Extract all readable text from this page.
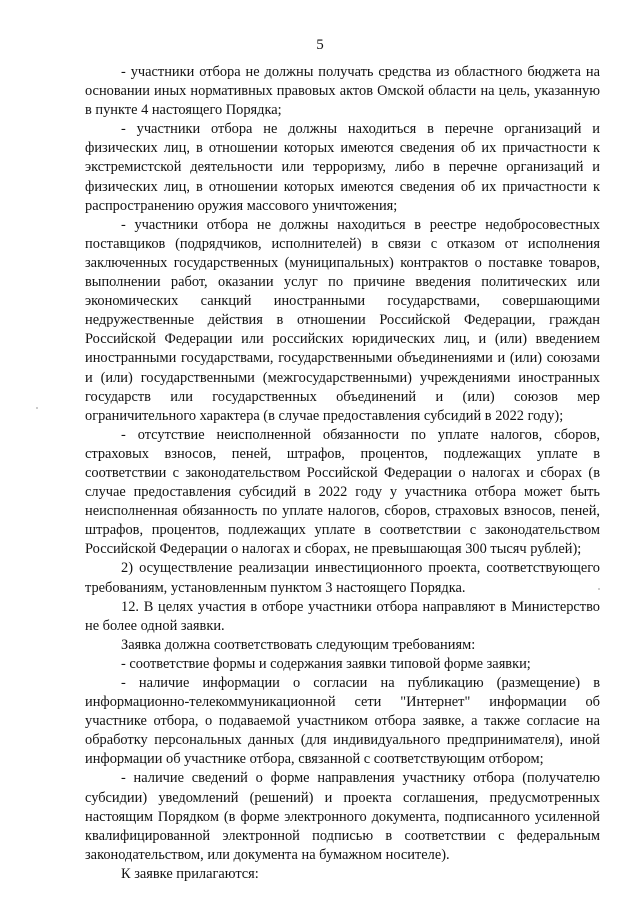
5

- участники отбора не должны получать средства из областного бюджета на основании иных нормативных правовых актов Омской области на цель, указанную в пункте 4 настоящего Порядка;

- участники отбора не должны находиться в перечне организаций и физических лиц, в отношении которых имеются сведения об их причастности к экстремистской деятельности или терроризму, либо в перечне организаций и физических лиц, в отношении которых имеются сведения об их причастности к распространению оружия массового уничтожения;

- участники отбора не должны находиться в реестре недобросовестных поставщиков (подрядчиков, исполнителей) в связи с отказом от исполнения заключенных государственных (муниципальных) контрактов о поставке товаров, выполнении работ, оказании услуг по причине введения политических или экономических санкций иностранными государствами, совершающими недружественные действия в отношении Российской Федерации, граждан Российской Федерации или российских юридических лиц, и (или) введением иностранными государствами, государственными объединениями и (или) союзами и (или) государственными (межгосударственными) учреждениями иностранных государств или государственных объединений и (или) союзов мер ограничительного характера (в случае предоставления субсидий в 2022 году);

- отсутствие неисполненной обязанности по уплате налогов, сборов, страховых взносов, пеней, штрафов, процентов, подлежащих уплате в соответствии с законодательством Российской Федерации о налогах и сборах (в случае предоставления субсидий в 2022 году у участника отбора может быть неисполненная обязанность по уплате налогов, сборов, страховых взносов, пеней, штрафов, процентов, подлежащих уплате в соответствии с законодательством Российской Федерации о налогах и сборах, не превышающая 300 тысяч рублей);

2) осуществление реализации инвестиционного проекта, соответствующего требованиям, установленным пунктом 3 настоящего Порядка.

12. В целях участия в отборе участники отбора направляют в Министерство не более одной заявки.

Заявка должна соответствовать следующим требованиям:

- соответствие формы и содержания заявки типовой форме заявки;

- наличие информации о согласии на публикацию (размещение) в информационно-телекоммуникационной сети "Интернет" информации об участнике отбора, о подаваемой участником отбора заявке, а также согласие на обработку персональных данных (для индивидуального предпринимателя), иной информации об участнике отбора, связанной с соответствующим отбором;

- наличие сведений о форме направления участнику отбора (получателю субсидии) уведомлений (решений) и проекта соглашения, предусмотренных настоящим Порядком (в форме электронного документа, подписанного усиленной квалифицированной электронной подписью в соответствии с федеральным законодательством, или документа на бумажном носителе).

К заявке прилагаются:
